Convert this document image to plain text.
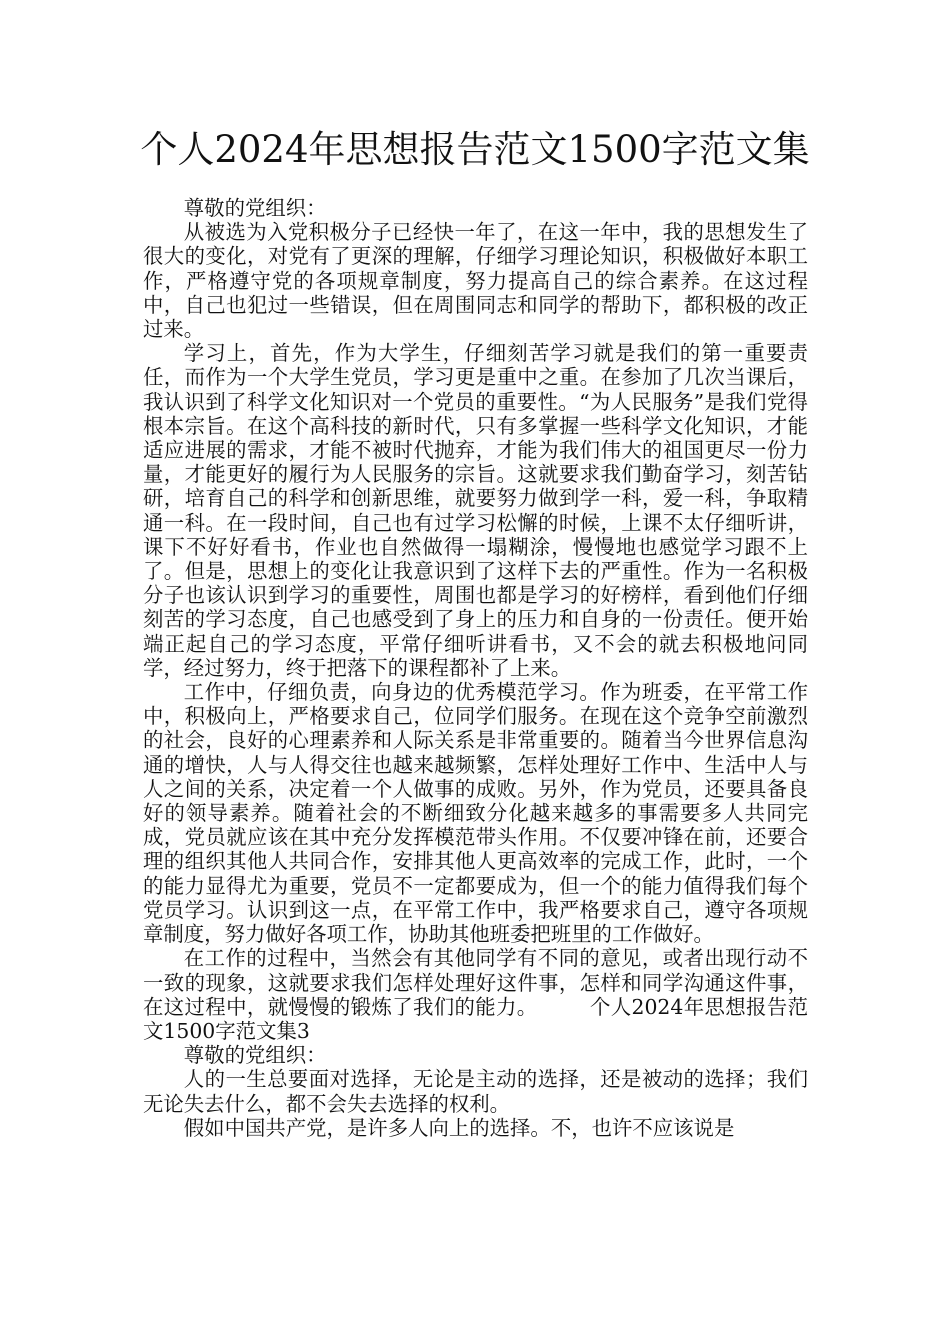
个人2024年思想报告范文1500字范文集

尊敬的党组织：

从被选为入党积极分子已经快一年了，在这一年中，我的思想发生了很大的变化，对党有了更深的理解，仔细学习理论知识，积极做好本职工作，严格遵守党的各项规章制度，努力提高自己的综合素养。在这过程中，自己也犯过一些错误，但在周围同志和同学的帮助下，都积极的改正过来。

学习上，首先，作为大学生，仔细刻苦学习就是我们的第一重要责任，而作为一个大学生党员，学习更是重中之重。在参加了几次当课后，我认识到了科学文化知识对一个党员的重要性。“为人民服务”是我们党得根本宗旨。在这个高科技的新时代，只有多掌握一些科学文化知识，才能适应进展的需求，才能不被时代抛弃，才能为我们伟大的祖国更尽一份力量，才能更好的履行为人民服务的宗旨。这就要求我们勤奋学习，刻苦钻研，培育自己的科学和创新思维，就要努力做到学一科，爱一科，争取精通一科。在一段时间，自己也有过学习松懈的时候，上课不太仔细听讲，课下不好好看书，作业也自然做得一塌糊涂，慢慢地也感觉学习跟不上了。但是，思想上的变化让我意识到了这样下去的严重性。作为一名积极分子也该认识到学习的重要性，周围也都是学习的好榜样，看到他们仔细刻苦的学习态度，自己也感受到了身上的压力和自身的一份责任。便开始端正起自己的学习态度，平常仔细听讲看书，又不会的就去积极地问同学，经过努力，终于把落下的课程都补了上来。

工作中，仔细负责，向身边的优秀模范学习。作为班委，在平常工作中，积极向上，严格要求自己，位同学们服务。在现在这个竞争空前激烈的社会，良好的心理素养和人际关系是非常重要的。随着当今世界信息沟通的增快，人与人得交往也越来越频繁，怎样处理好工作中、生活中人与人之间的关系，决定着一个人做事的成败。另外，作为党员，还要具备良好的领导素养。随着社会的不断细致分化越来越多的事需要多人共同完成，党员就应该在其中充分发挥模范带头作用。不仅要冲锋在前，还要合理的组织其他人共同合作，安排其他人更高效率的完成工作，此时，一个的能力显得尤为重要，党员不一定都要成为，但一个的能力值得我们每个党员学习。认识到这一点，在平常工作中，我严格要求自己，遵守各项规章制度，努力做好各项工作，协助其他班委把班里的工作做好。

在工作的过程中，当然会有其他同学有不同的意见，或者出现行动不一致的现象，这就要求我们怎样处理好这件事，怎样和同学沟通这件事，在这过程中，就慢慢的锻炼了我们的能力。	个人2024年思想报告范文1500字范文集3

尊敬的党组织：

人的一生总要面对选择，无论是主动的选择，还是被动的选择；我们无论失去什么，都不会失去选择的权利。

假如中国共产党，是许多人向上的选择。不，也许不应该说是
